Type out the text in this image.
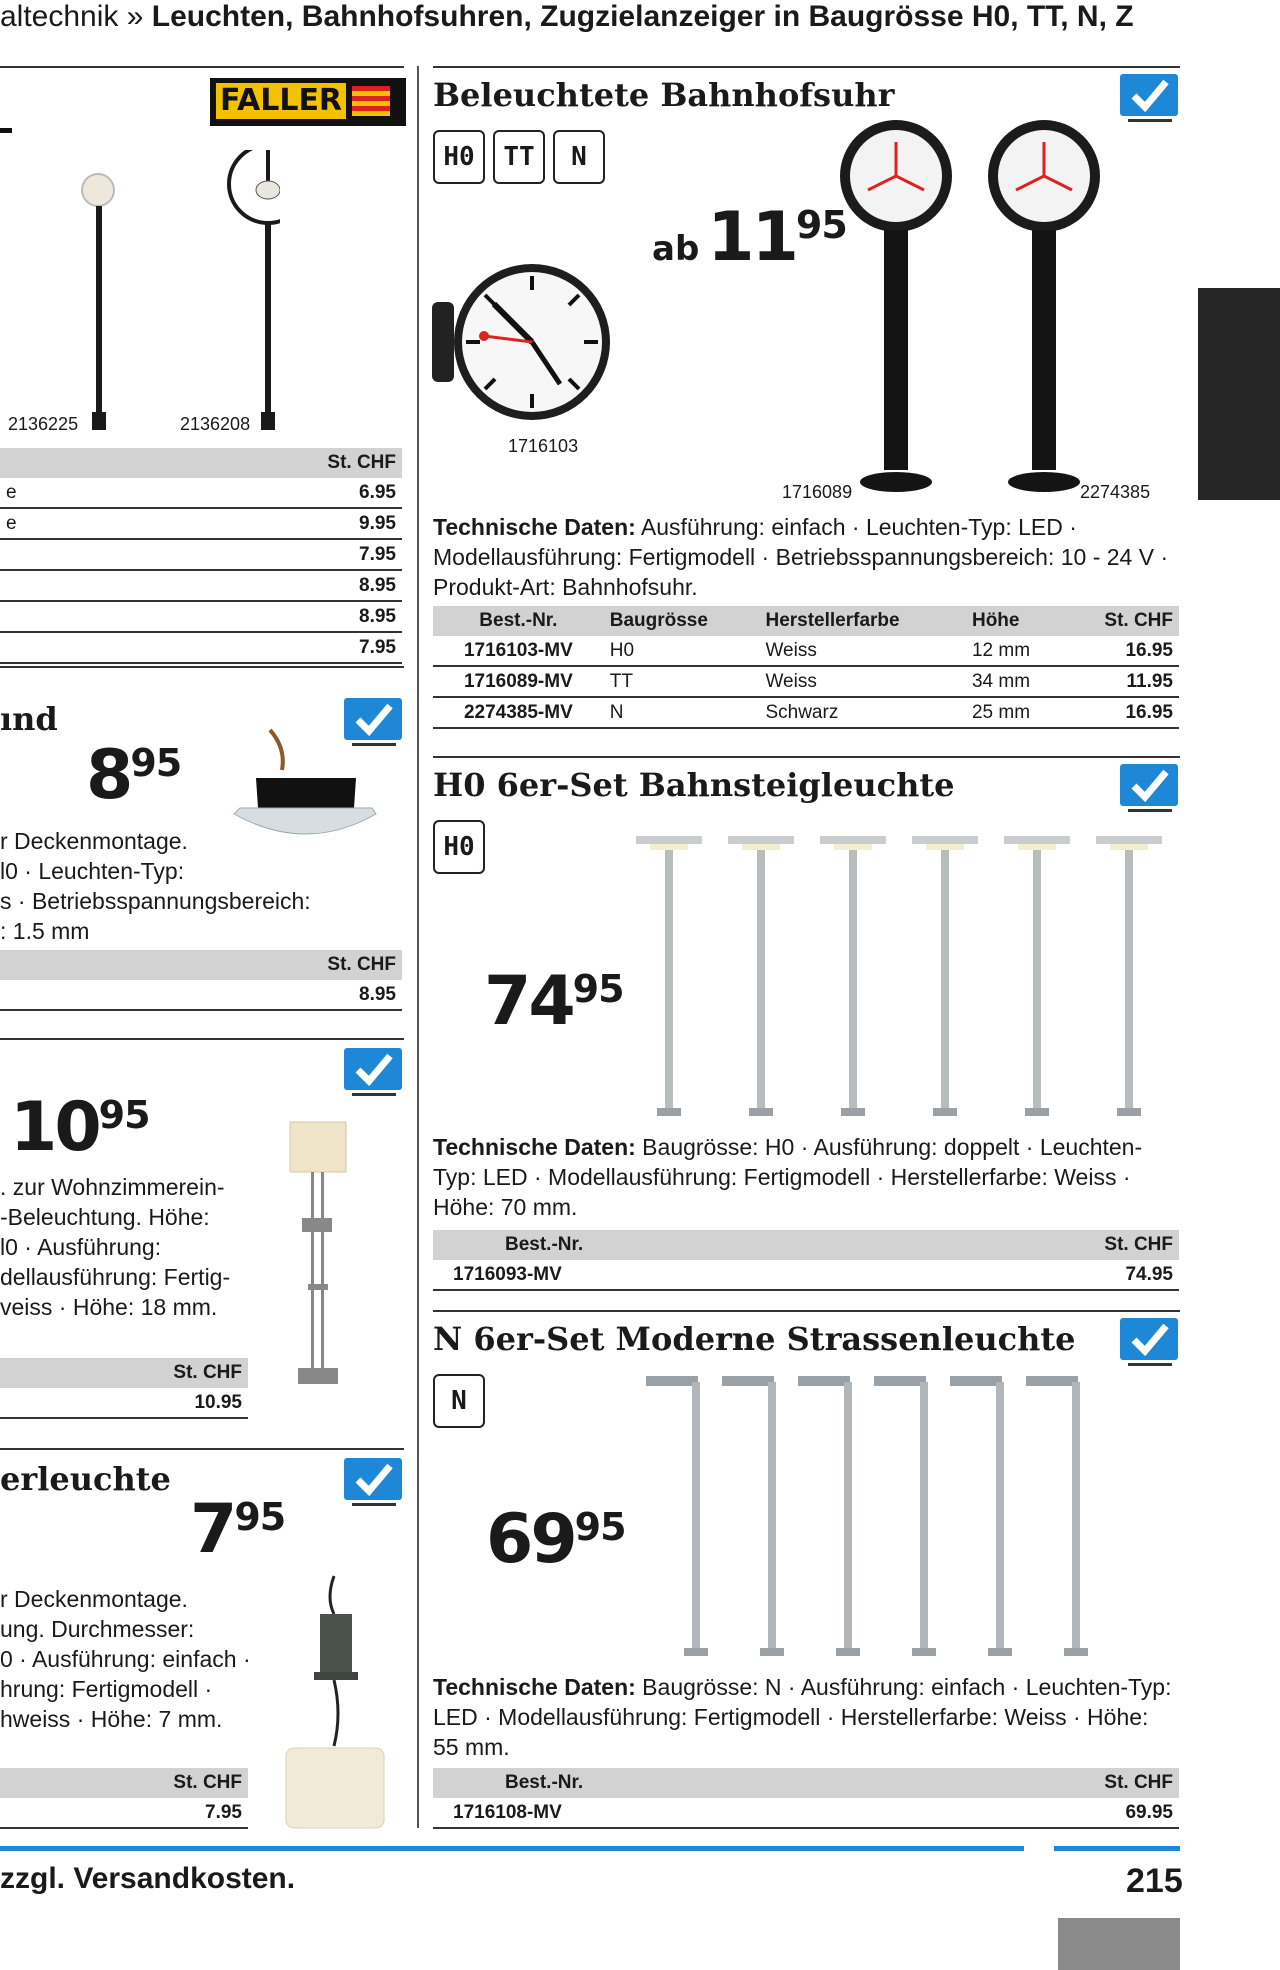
altechnik » Leuchten, Bahnhofsuhren, Zugzielanzeiger in Baugrösse H0, TT, N, Z
FALLER
2136225	2136208
	St. CHF
e	6.95
e	9.95
	7.95
	8.95
	8.95
	7.95
ınd
895
r Deckenmontage.
l0 · Leuchten-Typ:
s · Betriebsspannungsbereich:
: 1.5 mm
	St. CHF
	8.95
1095
. zur Wohnzimmerein-
-Beleuchtung. Höhe:
l0 · Ausführung:
dellausführung: Fertig-
veiss · Höhe: 18 mm.
	St. CHF
	10.95
erleuchte
795
r Deckenmontage.
ung. Durchmesser:
0 · Ausführung: einfach ·
hrung: Fertigmodell ·
hweiss · Höhe: 7 mm.
	St. CHF
	7.95
Beleuchtete Bahnhofsuhr
H0 TT N
ab 1195
1716103
1716089	2274385
Technische Daten: Ausführung: einfach · Leuchten-Typ: LED · Modellausführung: Fertigmodell · Betriebsspannungsbereich: 10 - 24 V · Produkt-Art: Bahnhofsuhr.
Best.-Nr.	Baugrösse	Herstellerfarbe	Höhe	St. CHF
1716103-MV	H0	Weiss	12 mm	16.95
1716089-MV	TT	Weiss	34 mm	11.95
2274385-MV	N	Schwarz	25 mm	16.95
H0 6er-Set Bahnsteigleuchte
H0
7495
Technische Daten: Baugrösse: H0 · Ausführung: doppelt · Leuchten-Typ: LED · Modellausführung: Fertigmodell · Herstellerfarbe: Weiss · Höhe: 70 mm.
Best.-Nr.	St. CHF
1716093-MV	74.95
N 6er-Set Moderne Strassenleuchte
N
6995
Technische Daten: Baugrösse: N · Ausführung: einfach · Leuchten-Typ: LED · Modellausführung: Fertigmodell · Herstellerfarbe: Weiss · Höhe: 55 mm.
Best.-Nr.	St. CHF
1716108-MV	69.95
zzgl. Versandkosten.	215
